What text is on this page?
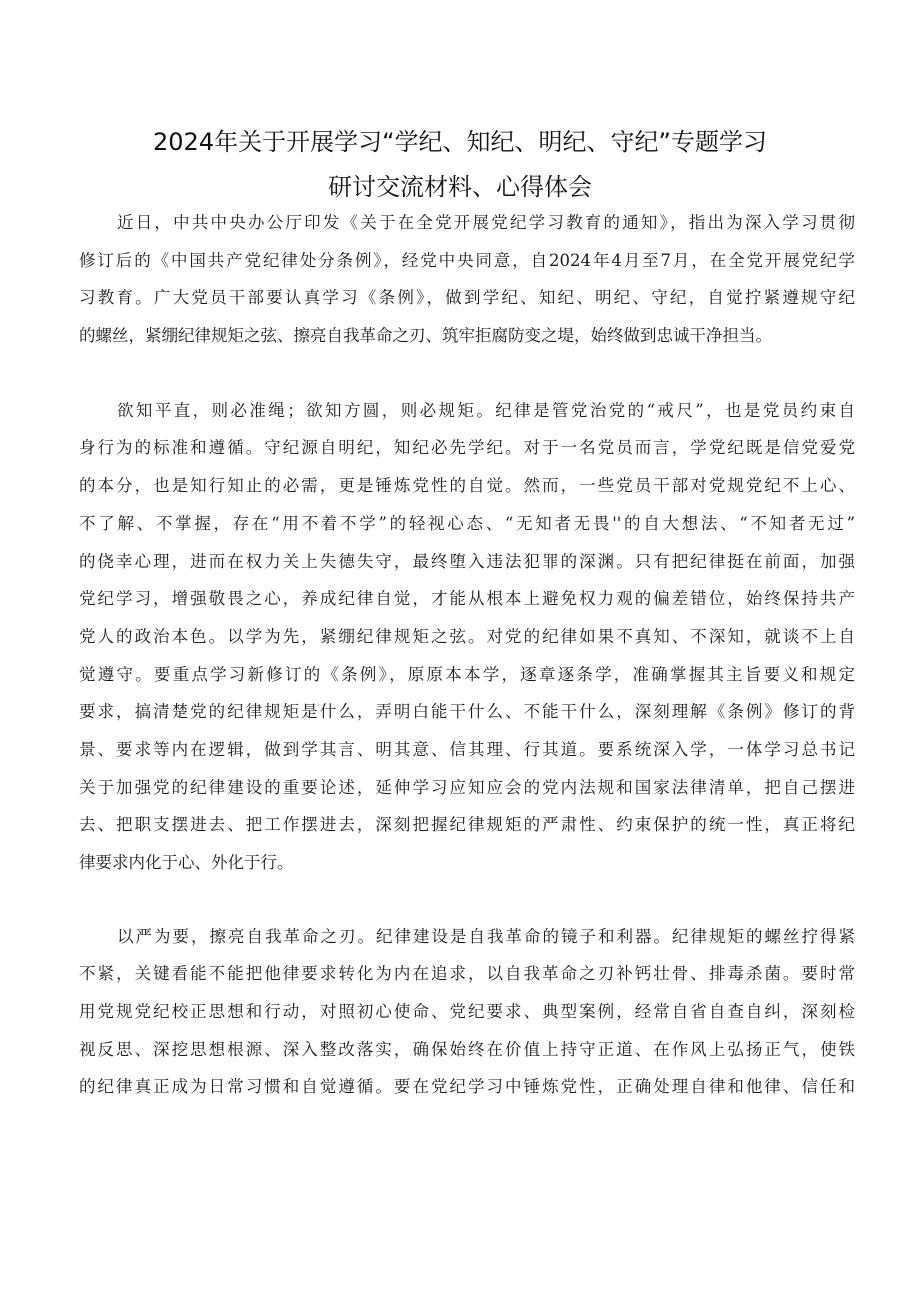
2024年关于开展学习“学纪、知纪、明纪、守纪”专题学习
研讨交流材料、心得体会
近日，中共中央办公厅印发《关于在全党开展党纪学习教育的通知》，指出为深入学习贯彻
修订后的《中国共产党纪律处分条例》，经党中央同意，自2024年4月至7月，在全党开展党纪学
习教育。广大党员干部要认真学习《条例》，做到学纪、知纪、明纪、守纪，自觉拧紧遵规守纪
的螺丝，紧绷纪律规矩之弦、擦亮自我革命之刃、筑牢拒腐防变之堤，始终做到忠诚干净担当。
欲知平直，则必准绳；欲知方圆，则必规矩。纪律是管党治党的“戒尺”，也是党员约束自
身行为的标准和遵循。守纪源自明纪，知纪必先学纪。对于一名党员而言，学党纪既是信党爱党
的本分，也是知行知止的必需，更是锤炼党性的自觉。然而，一些党员干部对党规党纪不上心、
不了解、不掌握，存在“用不着不学”的轻视心态、“无知者无畏''的自大想法、“不知者无过”
的侥幸心理，进而在权力关上失德失守，最终堕入违法犯罪的深渊。只有把纪律挺在前面，加强
党纪学习，增强敬畏之心，养成纪律自觉，才能从根本上避免权力观的偏差错位，始终保持共产
党人的政治本色。以学为先，紧绷纪律规矩之弦。对党的纪律如果不真知、不深知，就谈不上自
觉遵守。要重点学习新修订的《条例》，原原本本学，逐章逐条学，准确掌握其主旨要义和规定
要求，搞清楚党的纪律规矩是什么，弄明白能干什么、不能干什么，深刻理解《条例》修订的背
景、要求等内在逻辑，做到学其言、明其意、信其理、行其道。要系统深入学，一体学习总书记
关于加强党的纪律建设的重要论述，延伸学习应知应会的党内法规和国家法律清单，把自己摆进
去、把职支摆进去、把工作摆进去，深刻把握纪律规矩的严肃性、约束保护的统一性，真正将纪
律要求内化于心、外化于行。
以严为要，擦亮自我革命之刃。纪律建设是自我革命的镜子和利器。纪律规矩的螺丝拧得紧
不紧，关键看能不能把他律要求转化为内在追求，以自我革命之刃补钙壮骨、排毒杀菌。要时常
用党规党纪校正思想和行动，对照初心使命、党纪要求、典型案例，经常自省自查自纠，深刻检
视反思、深挖思想根源、深入整改落实，确保始终在价值上持守正道、在作风上弘扬正气，使铁
的纪律真正成为日常习惯和自觉遵循。要在党纪学习中锤炼党性，正确处理自律和他律、信任和
